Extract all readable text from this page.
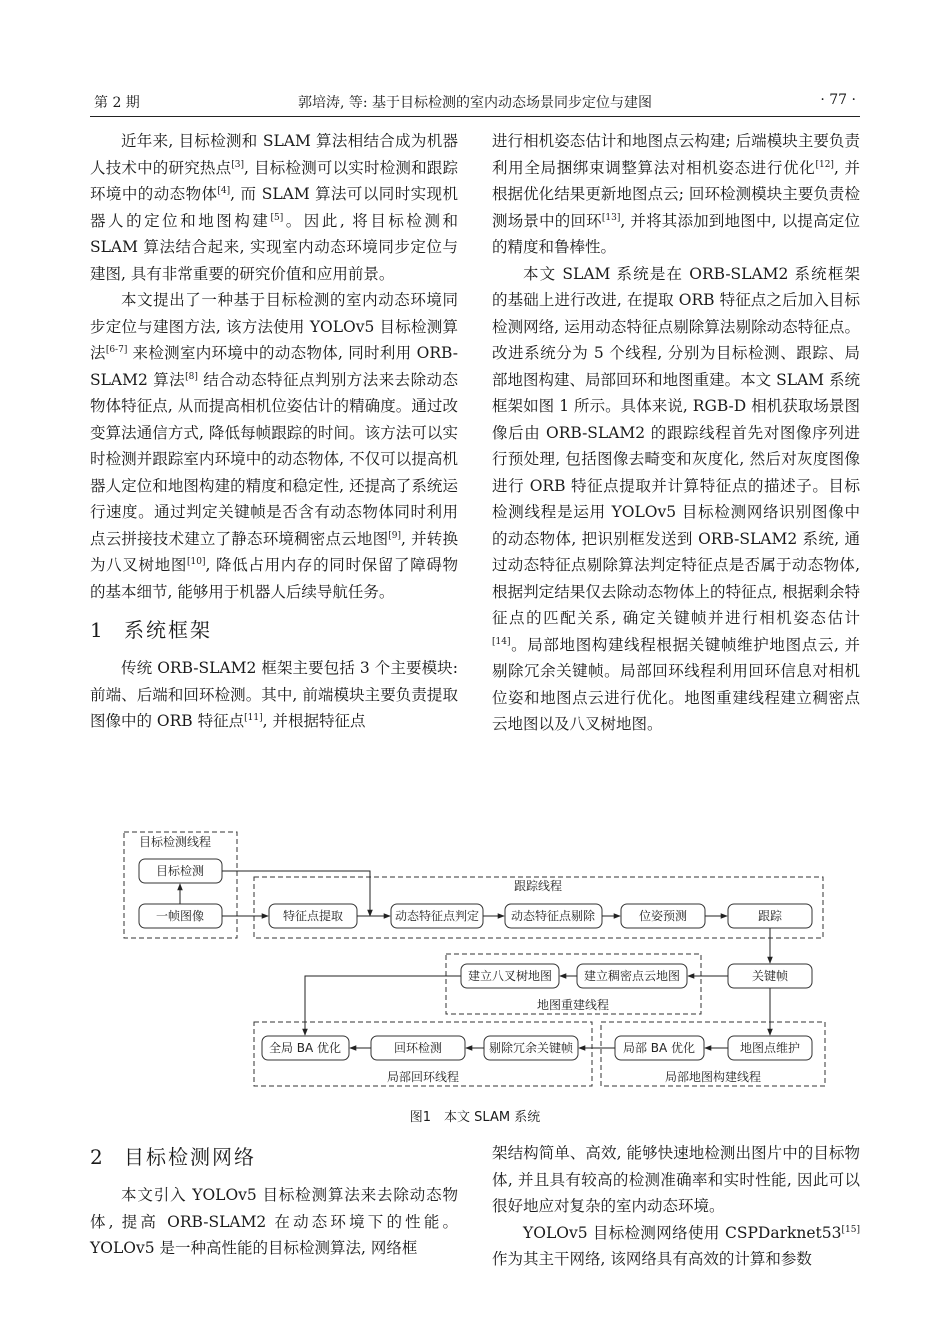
第 2 期	郭培涛, 等: 基于目标检测的室内动态场景同步定位与建图	· 77 ·

近年来, 目标检测和 SLAM 算法相结合成为机器人技术中的研究热点[3], 目标检测可以实时检测和跟踪环境中的动态物体[4], 而 SLAM 算法可以同时实现机器人的定位和地图构建[5]。因此, 将目标检测和 SLAM 算法结合起来, 实现室内动态环境同步定位与建图, 具有非常重要的研究价值和应用前景。

本文提出了一种基于目标检测的室内动态环境同步定位与建图方法, 该方法使用 YOLOv5 目标检测算法[6-7] 来检测室内环境中的动态物体, 同时利用 ORB-SLAM2 算法[8] 结合动态特征点判别方法来去除动态物体特征点, 从而提高相机位姿估计的精确度。通过改变算法通信方式, 降低每帧跟踪的时间。该方法可以实时检测并跟踪室内环境中的动态物体, 不仅可以提高机器人定位和地图构建的精度和稳定性, 还提高了系统运行速度。通过判定关键帧是否含有动态物体同时利用点云拼接技术建立了静态环境稠密点云地图[9], 并转换为八叉树地图[10], 降低占用内存的同时保留了障碍物的基本细节, 能够用于机器人后续导航任务。

1 系统框架

传统 ORB-SLAM2 框架主要包括 3 个主要模块: 前端、后端和回环检测。其中, 前端模块主要负责提取图像中的 ORB 特征点[11], 并根据特征点

进行相机姿态估计和地图点云构建; 后端模块主要负责利用全局捆绑束调整算法对相机姿态进行优化[12], 并根据优化结果更新地图点云; 回环检测模块主要负责检测场景中的回环[13], 并将其添加到地图中, 以提高定位的精度和鲁棒性。

本文 SLAM 系统是在 ORB-SLAM2 系统框架的基础上进行改进, 在提取 ORB 特征点之后加入目标检测网络, 运用动态特征点剔除算法剔除动态特征点。改进系统分为 5 个线程, 分别为目标检测、跟踪、局部地图构建、局部回环和地图重建。本文 SLAM 系统框架如图 1 所示。具体来说, RGB-D 相机获取场景图像后由 ORB-SLAM2 的跟踪线程首先对图像序列进行预处理, 包括图像去畸变和灰度化, 然后对灰度图像进行 ORB 特征点提取并计算特征点的描述子。目标检测线程是运用 YOLOv5 目标检测网络识别图像中的动态物体, 把识别框发送到 ORB-SLAM2 系统, 通过动态特征点剔除算法判定特征点是否属于动态物体, 根据判定结果仅去除动态物体上的特征点, 根据剩余特征点的匹配关系, 确定关键帧并进行相机姿态估计[14]。局部地图构建线程根据关键帧维护地图点云, 并剔除冗余关键帧。局部回环线程利用回环信息对相机位姿和地图点云进行优化。地图重建线程建立稠密点云地图以及八叉树地图。

目标检测线程
跟踪线程
地图重建线程
局部回环线程	局部地图构建线程
目标检测
一帧图像	特征点提取	动态特征点判定	动态特征点剔除	位姿预测	跟踪
关键帧
建立稠密点云地图
建立八叉树地图
地图点维护
局部 BA 优化
剔除冗余关键帧
回环检测
全局 BA 优化
图1　本文 SLAM 系统
2 目标检测网络

本文引入 YOLOv5 目标检测算法来去除动态物体, 提高 ORB-SLAM2 在动态环境下的性能。YOLOv5 是一种高性能的目标检测算法, 网络框

架结构简单、高效, 能够快速地检测出图片中的目标物体, 并且具有较高的检测准确率和实时性能, 因此可以很好地应对复杂的室内动态环境。

YOLOv5 目标检测网络使用 CSPDarknet53[15] 作为其主干网络, 该网络具有高效的计算和参数
